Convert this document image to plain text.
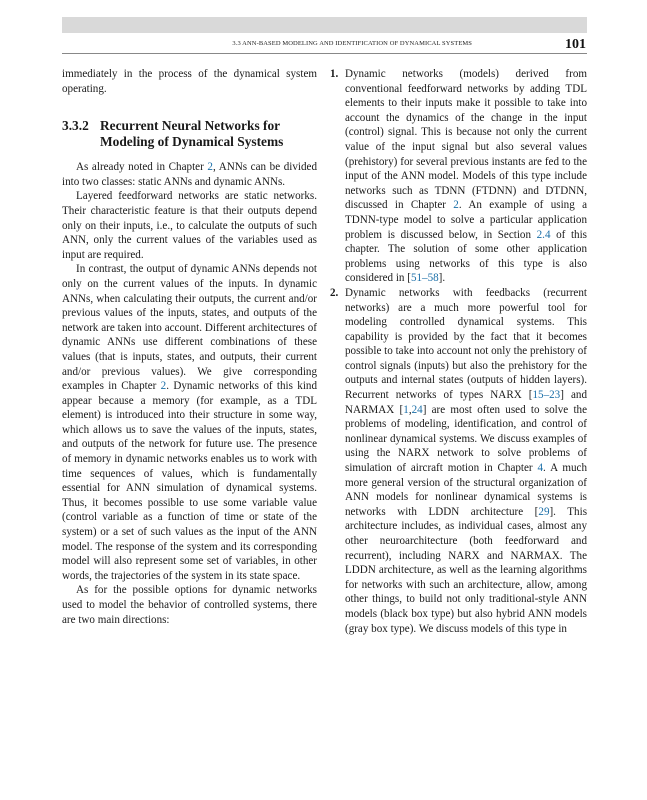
3.3 ANN-BASED MODELING AND IDENTIFICATION OF DYNAMICAL SYSTEMS	101

immediately in the process of the dynamical system operating.

3.3.2 Recurrent Neural Networks for Modeling of Dynamical Systems

As already noted in Chapter 2, ANNs can be divided into two classes: static ANNs and dynamic ANNs.

Layered feedforward networks are static networks. Their characteristic feature is that their outputs depend only on their inputs, i.e., to calculate the outputs of such ANN, only the current values of the variables used as input are required.

In contrast, the output of dynamic ANNs depends not only on the current values of the inputs. In dynamic ANNs, when calculating their outputs, the current and/or previous values of the inputs, states, and outputs of the network are taken into account. Different architectures of dynamic ANNs use different combinations of these values (that is inputs, states, and outputs, their current and/or previous values). We give corresponding examples in Chapter 2. Dynamic networks of this kind appear because a memory (for example, as a TDL element) is introduced into their structure in some way, which allows us to save the values of the inputs, states, and outputs of the network for future use. The presence of memory in dynamic networks enables us to work with time sequences of values, which is fundamentally essential for ANN simulation of dynamical systems. Thus, it becomes possible to use some variable value (control variable as a function of time or state of the system) or a set of such values as the input of the ANN model. The response of the system and its corresponding model will also represent some set of variables, in other words, the trajectories of the system in its state space.

As for the possible options for dynamic networks used to model the behavior of controlled systems, there are two main directions:

1. Dynamic networks (models) derived from conventional feedforward networks by adding TDL elements to their inputs make it possible to take into account the dynamics of the change in the input (control) signal. This is because not only the current value of the input signal but also several values (prehistory) for several previous instants are fed to the input of the ANN model. Models of this type include networks such as TDNN (FTDNN) and DTDNN, discussed in Chapter 2. An example of using a TDNN-type model to solve a particular application problem is discussed below, in Section 2.4 of this chapter. The solution of some other application problems using networks of this type is also considered in [51–58].
2. Dynamic networks with feedbacks (recurrent networks) are a much more powerful tool for modeling controlled dynamical systems. This capability is provided by the fact that it becomes possible to take into account not only the prehistory of control signals (inputs) but also the prehistory for the outputs and internal states (outputs of hidden layers). Recurrent networks of types NARX [15–23] and NARMAX [1,24] are most often used to solve the problems of modeling, identification, and control of nonlinear dynamical systems. We discuss examples of using the NARX network to solve problems of simulation of aircraft motion in Chapter 4. A much more general version of the structural organization of ANN models for nonlinear dynamical systems is networks with LDDN architecture [29]. This architecture includes, as individual cases, almost any other neuroarchitecture (both feedforward and recurrent), including NARX and NARMAX. The LDDN architecture, as well as the learning algorithms for networks with such an architecture, allow, among other things, to build not only traditional-style ANN models (black box type) but also hybrid ANN models (gray box type). We discuss models of this type in
